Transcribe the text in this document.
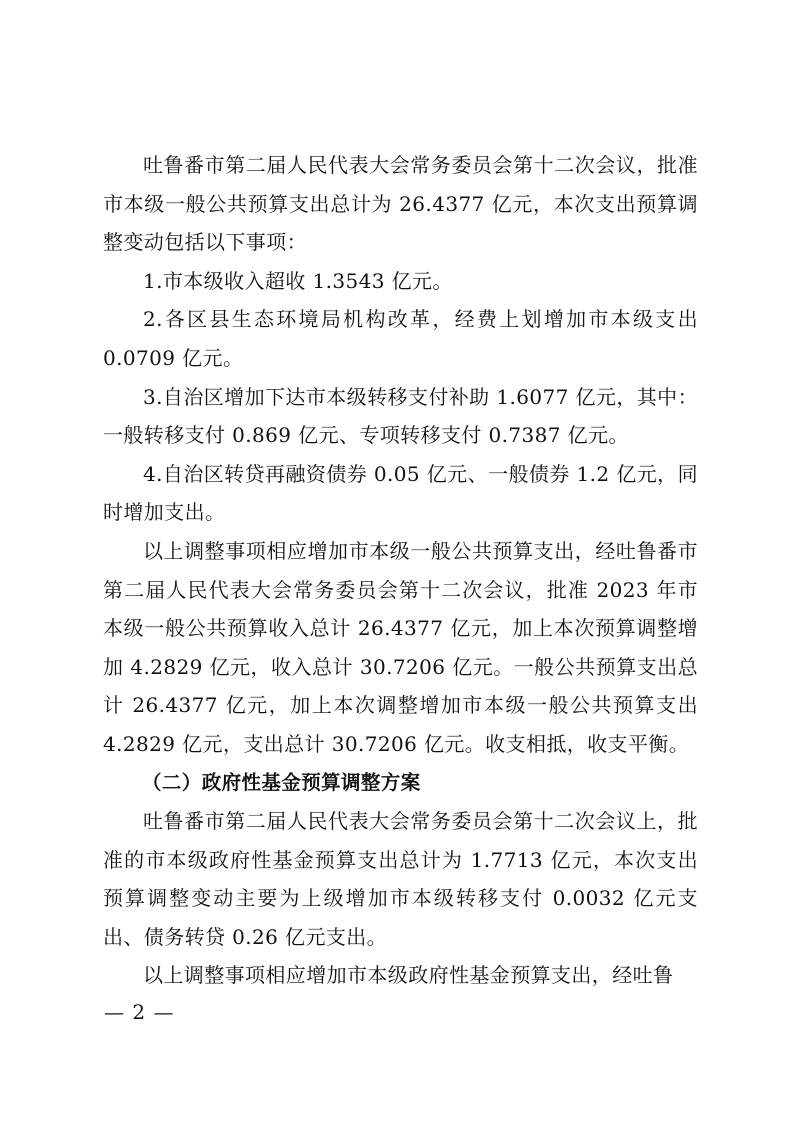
吐鲁番市第二届人民代表大会常务委员会第十二次会议，批准市本级一般公共预算支出总计为 26.4377 亿元，本次支出预算调整变动包括以下事项：

1.市本级收入超收 1.3543 亿元。

2.各区县生态环境局机构改革，经费上划增加市本级支出 0.0709 亿元。

3.自治区增加下达市本级转移支付补助 1.6077 亿元，其中：一般转移支付 0.869 亿元、专项转移支付 0.7387 亿元。

4.自治区转贷再融资债券 0.05 亿元、一般债券 1.2 亿元，同时增加支出。

以上调整事项相应增加市本级一般公共预算支出，经吐鲁番市第二届人民代表大会常务委员会第十二次会议，批准 2023 年市本级一般公共预算收入总计 26.4377 亿元，加上本次预算调整增加 4.2829 亿元，收入总计 30.7206 亿元。一般公共预算支出总计 26.4377 亿元，加上本次调整增加市本级一般公共预算支出 4.2829 亿元，支出总计 30.7206 亿元。收支相抵，收支平衡。

（二）政府性基金预算调整方案

吐鲁番市第二届人民代表大会常务委员会第十二次会议上，批准的市本级政府性基金预算支出总计为 1.7713 亿元，本次支出预算调整变动主要为上级增加市本级转移支付 0.0032 亿元支出、债务转贷 0.26 亿元支出。

以上调整事项相应增加市本级政府性基金预算支出，经吐鲁

— 2 —
